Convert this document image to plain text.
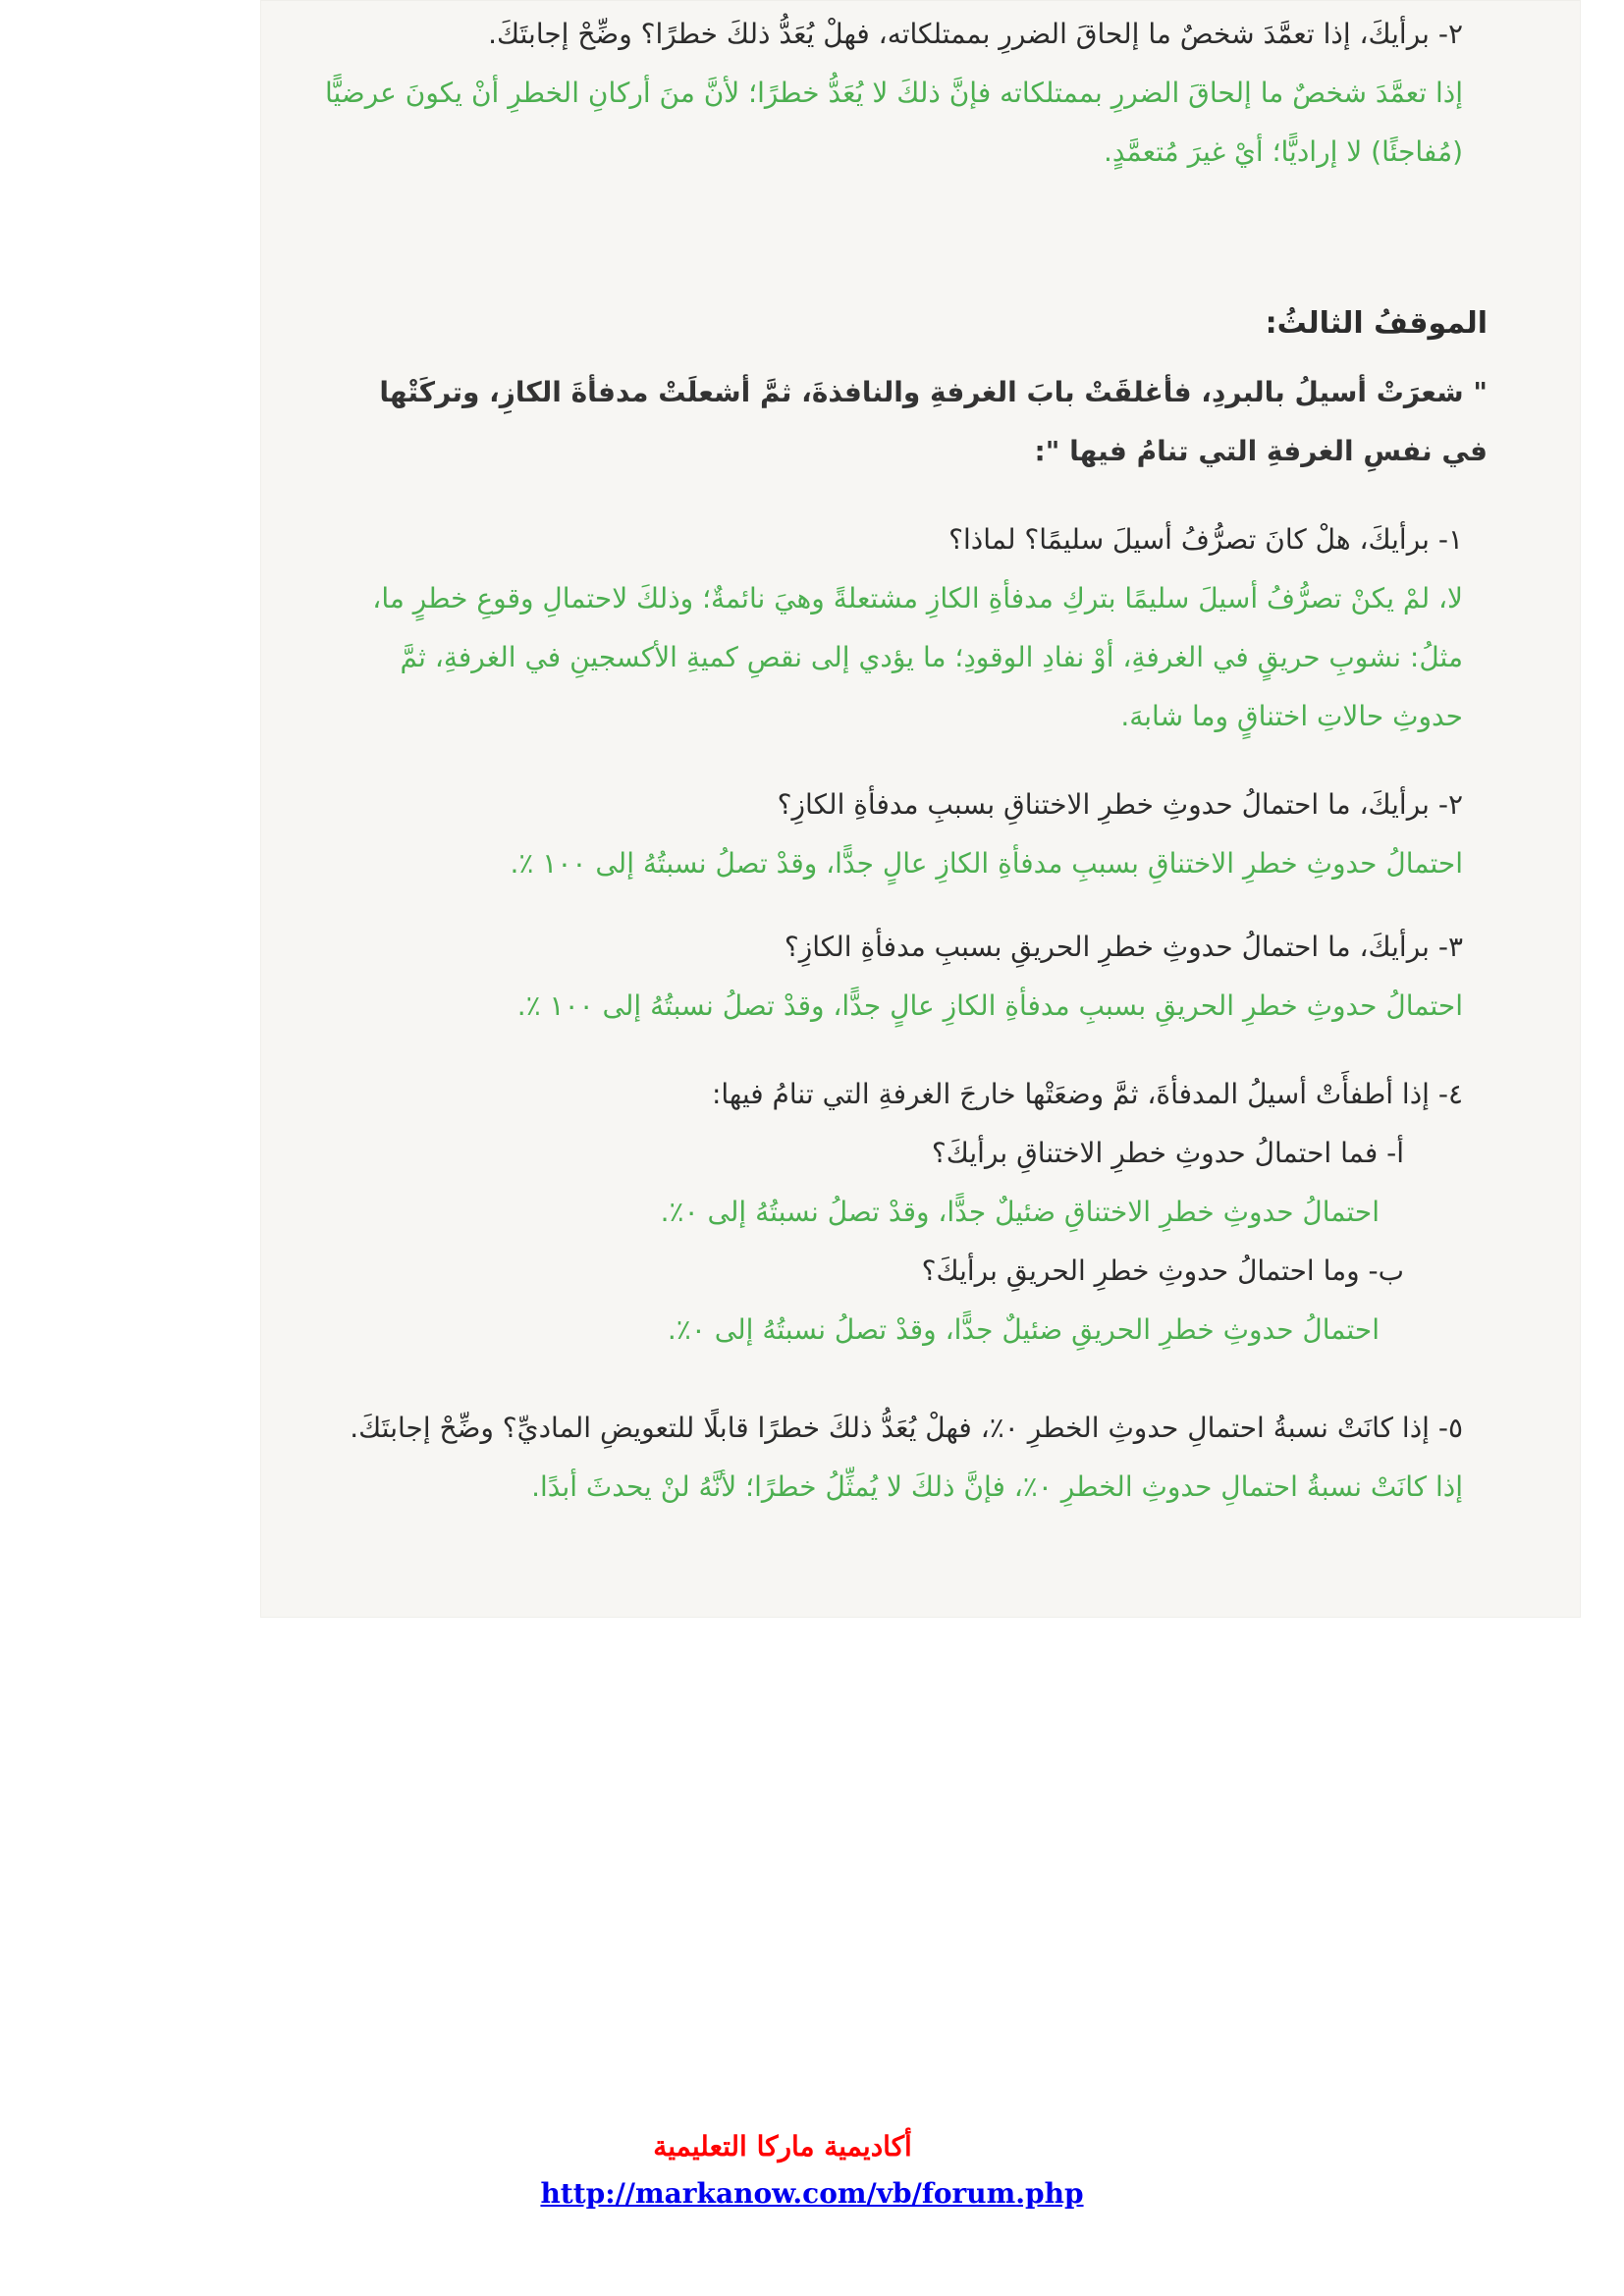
٢- برأيكَ، إذا تعمَّدَ شخصٌ ما إلحاقَ الضررِ بممتلكاته، فهلْ يُعَدُّ ذلكَ خطرًا؟ وضِّحْ إجابتَكَ.
إذا تعمَّدَ شخصٌ ما إلحاقَ الضررِ بممتلكاته فإنَّ ذلكَ لا يُعَدُّ خطرًا؛ لأنَّ منَ أركانِ الخطرِ أنْ يكونَ عرضيًّا (مُفاجئًا) لا إراديًّا؛ أيْ غيرَ مُتعمَّدٍ.
الموقفُ الثالثُ:
" شعرَتْ أسيلُ بالبردِ، فأغلقَتْ بابَ الغرفةِ والنافذةَ، ثمَّ أشعلَتْ مدفأةَ الكازِ، وتركَتْها في نفسِ الغرفةِ التي تنامُ فيها ":
١- برأيكَ، هلْ كانَ تصرُّفُ أسيلَ سليمًا؟ لماذا؟
لا، لمْ يكنْ تصرُّفُ أسيلَ سليمًا بتركِ مدفأةِ الكازِ مشتعلةً وهيَ نائمةٌ؛ وذلكَ لاحتمالِ وقوعِ خطرٍ ما، مثلُ: نشوبِ حريقٍ في الغرفةِ، أوْ نفادِ الوقودِ؛ ما يؤدي إلى نقصِ كميةِ الأكسجينِ في الغرفةِ، ثمَّ حدوثِ حالاتِ اختناقٍ وما شابهَ.
٢- برأيكَ، ما احتمالُ حدوثِ خطرِ الاختناقِ بسببِ مدفأةِ الكازِ؟
احتمالُ حدوثِ خطرِ الاختناقِ بسببِ مدفأةِ الكازِ عالٍ جدًّا، وقدْ تصلُ نسبتُهُ إلى ١٠٠ ٪.
٣- برأيكَ، ما احتمالُ حدوثِ خطرِ الحريقِ بسببِ مدفأةِ الكازِ؟
احتمالُ حدوثِ خطرِ الحريقِ بسببِ مدفأةِ الكازِ عالٍ جدًّا، وقدْ تصلُ نسبتُهُ إلى ١٠٠ ٪.
٤- إذا أطفأَتْ أسيلُ المدفأةَ، ثمَّ وضعَتْها خارجَ الغرفةِ التي تنامُ فيها:
أ- فما احتمالُ حدوثِ خطرِ الاختناقِ برأيكَ؟
احتمالُ حدوثِ خطرِ الاختناقِ ضئيلٌ جدًّا، وقدْ تصلُ نسبتُهُ إلى ٠٪.
ب- وما احتمالُ حدوثِ خطرِ الحريقِ برأيكَ؟
احتمالُ حدوثِ خطرِ الحريقِ ضئيلٌ جدًّا، وقدْ تصلُ نسبتُهُ إلى ٠٪.
٥- إذا كانَتْ نسبةُ احتمالِ حدوثِ الخطرِ ٠٪، فهلْ يُعَدُّ ذلكَ خطرًا قابلًا للتعويضِ الماديِّ؟ وضِّحْ إجابتَكَ.
إذا كانَتْ نسبةُ احتمالِ حدوثِ الخطرِ ٠٪، فإنَّ ذلكَ لا يُمثِّلُ خطرًا؛ لأنَّهُ لنْ يحدثَ أبدًا.
أكاديمية ماركا التعليمية
http://markanow.com/vb/forum.php
